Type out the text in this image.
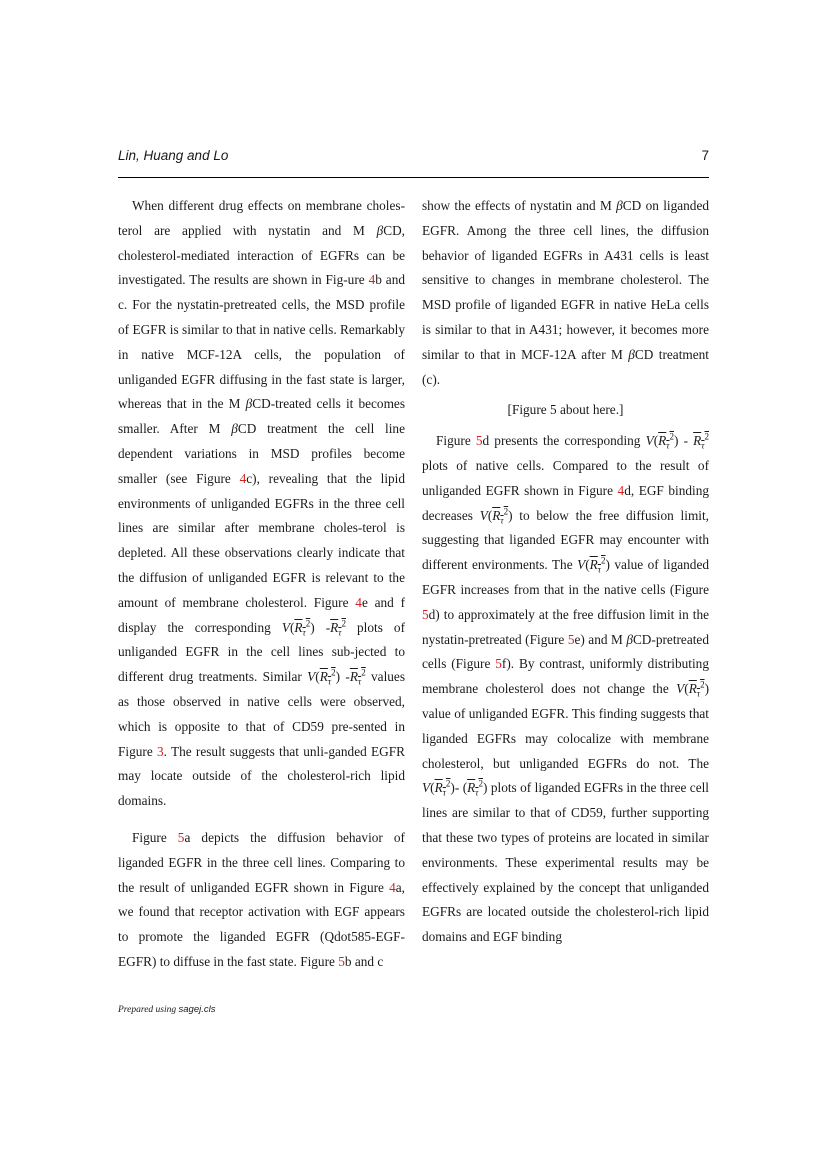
Lin, Huang and Lo	7

When different drug effects on membrane choles-terol are applied with nystatin and M βCD, cholesterol-mediated interaction of EGFRs can be investigated. The results are shown in Fig-ure 4b and c. For the nystatin-pretreated cells, the MSD profile of EGFR is similar to that in native cells. Remarkably in native MCF-12A cells, the population of unliganded EGFR diffusing in the fast state is larger, whereas that in the M βCD-treated cells it becomes smaller. After M βCD treatment the cell line dependent variations in MSD profiles become smaller (see Figure 4c), revealing that the lipid environments of unliganded EGFRs in the three cell lines are similar after membrane choles-terol is depleted. All these observations clearly indicate that the diffusion of unliganded EGFR is relevant to the amount of membrane cholesterol. Figure 4e and f display the corresponding $V(R_\tau^2)$ $-R_\tau^2$ plots of unliganded EGFR in the cell lines sub-jected to different drug treatments. Similar $V(R_\tau^2)$ $-R_\tau^2$ values as those observed in native cells were observed, which is opposite to that of CD59 pre-sented in Figure 3. The result suggests that unli-ganded EGFR may locate outside of the cholesterol-rich lipid domains.

Figure 5a depicts the diffusion behavior of liganded EGFR in the three cell lines. Comparing to the result of unliganded EGFR shown in Figure 4a, we found that receptor activation with EGF appears to promote the liganded EGFR (Qdot585-EGF-EGFR) to diffuse in the fast state. Figure 5b and c

show the effects of nystatin and M βCD on liganded EGFR. Among the three cell lines, the diffusion behavior of liganded EGFRs in A431 cells is least sensitive to changes in membrane cholesterol. The MSD profile of liganded EGFR in native HeLa cells is similar to that in A431; however, it becomes more similar to that in MCF-12A after M βCD treatment (c).

[Figure 5 about here.]

Figure 5d presents the corresponding $V(R_\tau^2) - R_\tau^2$ plots of native cells. Compared to the result of unliganded EGFR shown in Figure 4d, EGF binding decreases $V(R_\tau^2)$ to below the free diffusion limit, suggesting that liganded EGFR may encounter with different environments. The $V(R_\tau^2)$ value of liganded EGFR increases from that in the native cells (Figure 5d) to approximately at the free diffusion limit in the nystatin-pretreated (Figure 5e) and M βCD-pretreated cells (Figure 5f). By contrast, uniformly distributing membrane cholesterol does not change the $V(R_\tau^2)$ value of unliganded EGFR. This finding suggests that liganded EGFRs may colocalize with membrane cholesterol, but unliganded EGFRs do not. The $V(R_\tau^2)-$ $(R_\tau^2)$ plots of liganded EGFRs in the three cell lines are similar to that of CD59, further supporting that these two types of proteins are located in similar environments. These experimental results may be effectively explained by the concept that unliganded EGFRs are located outside the cholesterol-rich lipid domains and EGF binding

Prepared using sagej.cls
